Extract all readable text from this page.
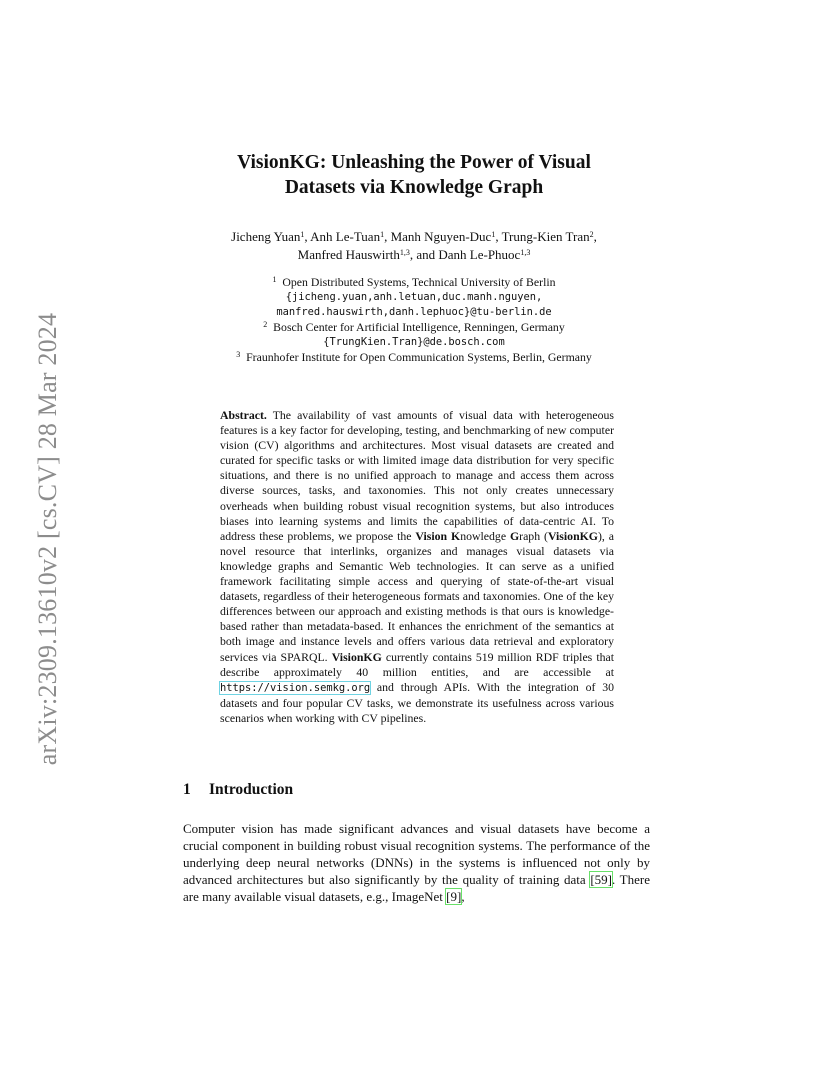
arXiv:2309.13610v2 [cs.CV] 28 Mar 2024
VisionKG: Unleashing the Power of Visual
Datasets via Knowledge Graph
Jicheng Yuan$^1$, Anh Le-Tuan$^1$, Manh Nguyen-Duc$^1$, Trung-Kien Tran$^2$,
Manfred Hauswirth$^{1,3}$, and Danh Le-Phuoc$^{1,3}$
$^1$ Open Distributed Systems, Technical University of Berlin
{jicheng.yuan,anh.letuan,duc.manh.nguyen,
manfred.hauswirth,danh.lephuoc}@tu-berlin.de
$^2$ Bosch Center for Artificial Intelligence, Renningen, Germany
{TrungKien.Tran}@de.bosch.com
$^3$ Fraunhofer Institute for Open Communication Systems, Berlin, Germany
Abstract. The availability of vast amounts of visual data with heterogeneous features is a key factor for developing, testing, and benchmarking of new computer vision (CV) algorithms and architectures. Most visual datasets are created and curated for specific tasks or with limited image data distribution for very specific situations, and there is no unified approach to manage and access them across diverse sources, tasks, and taxonomies. This not only creates unnecessary overheads when building robust visual recognition systems, but also introduces biases into learning systems and limits the capabilities of data-centric AI. To address these problems, we propose the Vision Knowledge Graph (VisionKG), a novel resource that interlinks, organizes and manages visual datasets via knowledge graphs and Semantic Web technologies. It can serve as a unified framework facilitating simple access and querying of state-of-the-art visual datasets, regardless of their heterogeneous formats and taxonomies. One of the key differences between our approach and existing methods is that ours is knowledge-based rather than metadata-based. It enhances the enrichment of the semantics at both image and instance levels and offers various data retrieval and exploratory services via SPARQL. VisionKG currently contains 519 million RDF triples that describe approximately 40 million entities, and are accessible at https://vision.semkg.org and through APIs. With the integration of 30 datasets and four popular CV tasks, we demonstrate its usefulness across various scenarios when working with CV pipelines.
1 Introduction
Computer vision has made significant advances and visual datasets have become a crucial component in building robust visual recognition systems. The performance of the underlying deep neural networks (DNNs) in the systems is influenced not only by advanced architectures but also significantly by the quality of training data [59]. There are many available visual datasets, e.g., ImageNet [9],
